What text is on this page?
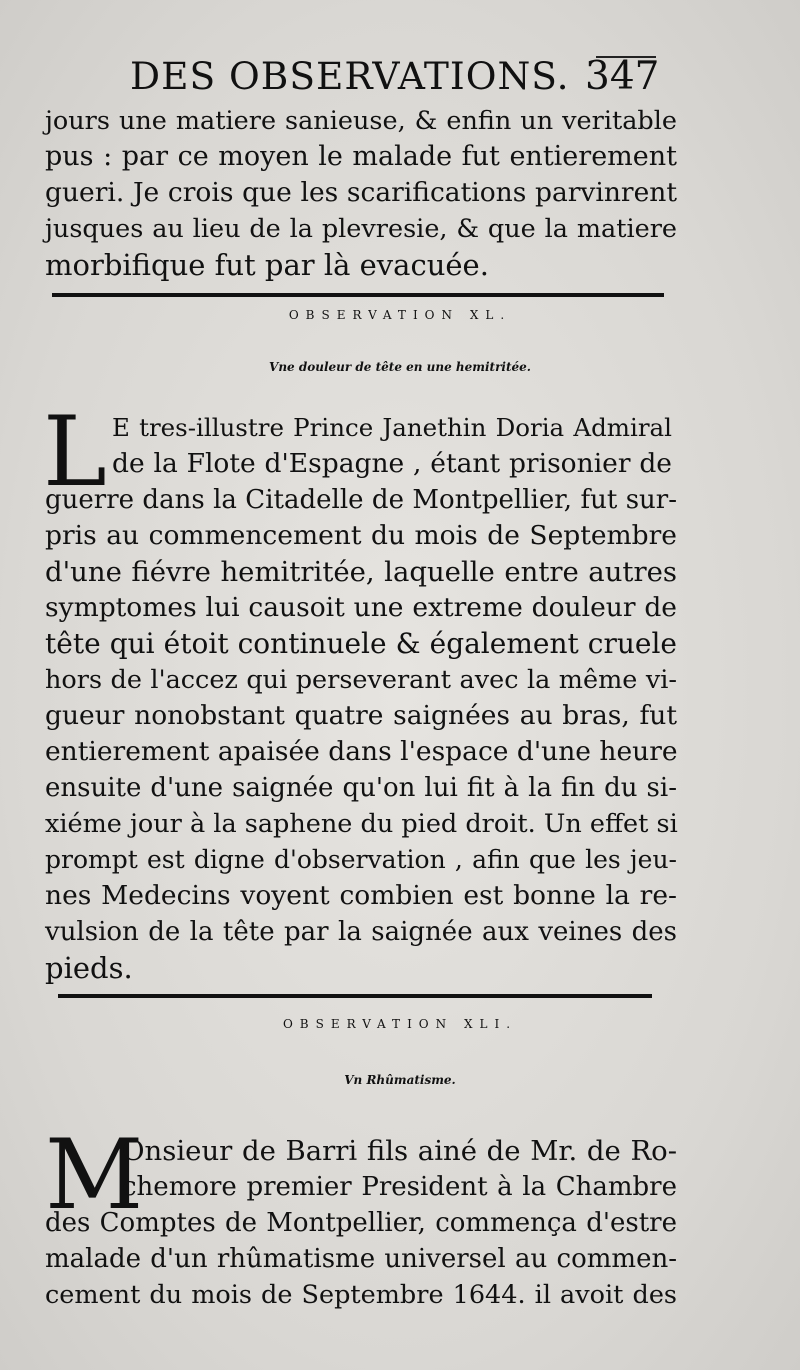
DES OBSERVATIONS. 347
jours une matiere sanieuse, & enfin un veritable
pus : par ce moyen le malade fut entierement
gueri. Je crois que les scarifications parvinrent
jusques au lieu de la plevresie, & que la matiere
morbifique fut par là evacuée.
OBSERVATION XL.
Vne douleur de tête en une hemitritée.
L E tres-illustre Prince Janethin Doria Admiral
de la Flote d'Espagne , étant prisonier de
guerre dans la Citadelle de Montpellier, fut sur-
pris au commencement du mois de Septembre
d'une fiévre hemitritée, laquelle entre autres
symptomes lui causoit une extreme douleur de
tête qui étoit continuele & également cruele
hors de l'accez qui perseverant avec la même vi-
gueur nonobstant quatre saignées au bras, fut
entierement apaisée dans l'espace d'une heure
ensuite d'une saignée qu'on lui fit à la fin du si-
xiéme jour à la saphene du pied droit. Un effet si
prompt est digne d'observation , afin que les jeu-
nes Medecins voyent combien est bonne la re-
vulsion de la tête par la saignée aux veines des
pieds.
OBSERVATION XLI.
Vn Rhûmatisme.
M
Onsieur de Barri fils ainé de Mr. de Ro-
chemore premier President à la Chambre
des Comptes de Montpellier, commença d'estre
malade d'un rhûmatisme universel au commen-
cement du mois de Septembre 1644. il avoit des
